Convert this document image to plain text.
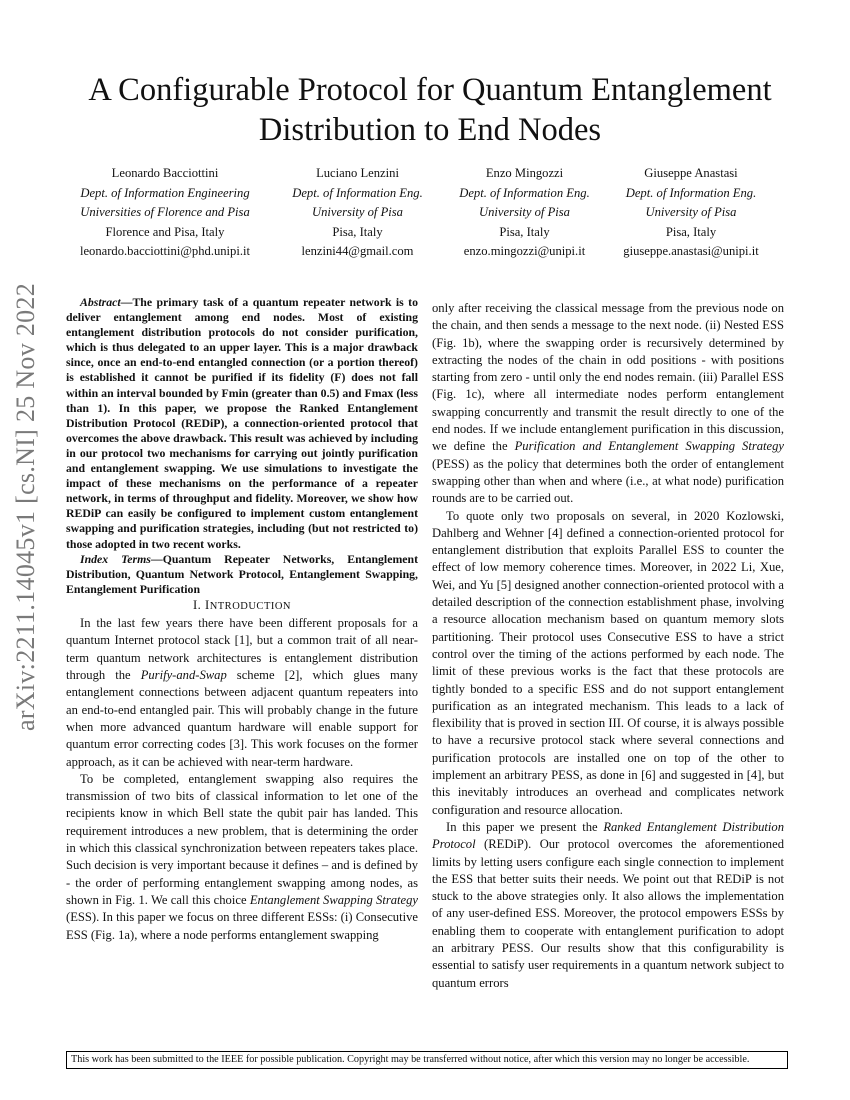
arXiv:2211.14045v1 [cs.NI] 25 Nov 2022
A Configurable Protocol for Quantum Entanglement Distribution to End Nodes
Leonardo Bacciottini
Dept. of Information Engineering
Universities of Florence and Pisa
Florence and Pisa, Italy
leonardo.bacciottini@phd.unipi.it
Luciano Lenzini
Dept. of Information Eng.
University of Pisa
Pisa, Italy
lenzini44@gmail.com
Enzo Mingozzi
Dept. of Information Eng.
University of Pisa
Pisa, Italy
enzo.mingozzi@unipi.it
Giuseppe Anastasi
Dept. of Information Eng.
University of Pisa
Pisa, Italy
giuseppe.anastasi@unipi.it

Abstract—The primary task of a quantum repeater network is to deliver entanglement among end nodes. Most of existing entanglement distribution protocols do not consider purification, which is thus delegated to an upper layer. This is a major drawback since, once an end-to-end entangled connection (or a portion thereof) is established it cannot be purified if its fidelity (F) does not fall within an interval bounded by Fmin (greater than 0.5) and Fmax (less than 1). In this paper, we propose the Ranked Entanglement Distribution Protocol (REDiP), a connection-oriented protocol that overcomes the above drawback. This result was achieved by including in our protocol two mechanisms for carrying out jointly purification and entanglement swapping. We use simulations to investigate the impact of these mechanisms on the performance of a repeater network, in terms of throughput and fidelity. Moreover, we show how REDiP can easily be configured to implement custom entanglement swapping and purification strategies, including (but not restricted to) those adopted in two recent works.

Index Terms—Quantum Repeater Networks, Entanglement Distribution, Quantum Network Protocol, Entanglement Swapping, Entanglement Purification

I. INTRODUCTION

In the last few years there have been different proposals for a quantum Internet protocol stack [1], but a common trait of all near-term quantum network architectures is entanglement distribution through the Purify-and-Swap scheme [2], which glues many entanglement connections between adjacent quantum repeaters into an end-to-end entangled pair. This will probably change in the future when more advanced quantum hardware will enable support for quantum error correcting codes [3]. This work focuses on the former approach, as it can be achieved with near-term hardware.

To be completed, entanglement swapping also requires the transmission of two bits of classical information to let one of the recipients know in which Bell state the qubit pair has landed. This requirement introduces a new problem, that is determining the order in which this classical synchronization between repeaters takes place. Such decision is very important because it defines – and is defined by - the order of performing entanglement swapping among nodes, as shown in Fig. 1. We call this choice Entanglement Swapping Strategy (ESS). In this paper we focus on three different ESSs: (i) Consecutive ESS (Fig. 1a), where a node performs entanglement swapping

only after receiving the classical message from the previous node on the chain, and then sends a message to the next node. (ii) Nested ESS (Fig. 1b), where the swapping order is recursively determined by extracting the nodes of the chain in odd positions - with positions starting from zero - until only the end nodes remain. (iii) Parallel ESS (Fig. 1c), where all intermediate nodes perform entanglement swapping concurrently and transmit the result directly to one of the end nodes. If we include entanglement purification in this discussion, we define the Purification and Entanglement Swapping Strategy (PESS) as the policy that determines both the order of entanglement swapping other than when and where (i.e., at what node) purification rounds are to be carried out.

To quote only two proposals on several, in 2020 Kozlowski, Dahlberg and Wehner [4] defined a connection-oriented protocol for entanglement distribution that exploits Parallel ESS to counter the effect of low memory coherence times. Moreover, in 2022 Li, Xue, Wei, and Yu [5] designed another connection-oriented protocol with a detailed description of the connection establishment phase, involving a resource allocation mechanism based on quantum memory slots partitioning. Their protocol uses Consecutive ESS to have a strict control over the timing of the actions performed by each node. The limit of these previous works is the fact that these protocols are tightly bonded to a specific ESS and do not support entanglement purification as an integrated mechanism. This leads to a lack of flexibility that is proved in section III. Of course, it is always possible to have a recursive protocol stack where several connections and purification protocols are installed one on top of the other to implement an arbitrary PESS, as done in [6] and suggested in [4], but this inevitably introduces an overhead and complicates network configuration and resource allocation.

In this paper we present the Ranked Entanglement Distribution Protocol (REDiP). Our protocol overcomes the aforementioned limits by letting users configure each single connection to implement the ESS that better suits their needs. We point out that REDiP is not stuck to the above strategies only. It also allows the implementation of any user-defined ESS. Moreover, the protocol empowers ESSs by enabling them to cooperate with entanglement purification to adopt an arbitrary PESS. Our results show that this configurability is essential to satisfy user requirements in a quantum network subject to quantum errors

This work has been submitted to the IEEE for possible publication. Copyright may be transferred without notice, after which this version may no longer be accessible.
